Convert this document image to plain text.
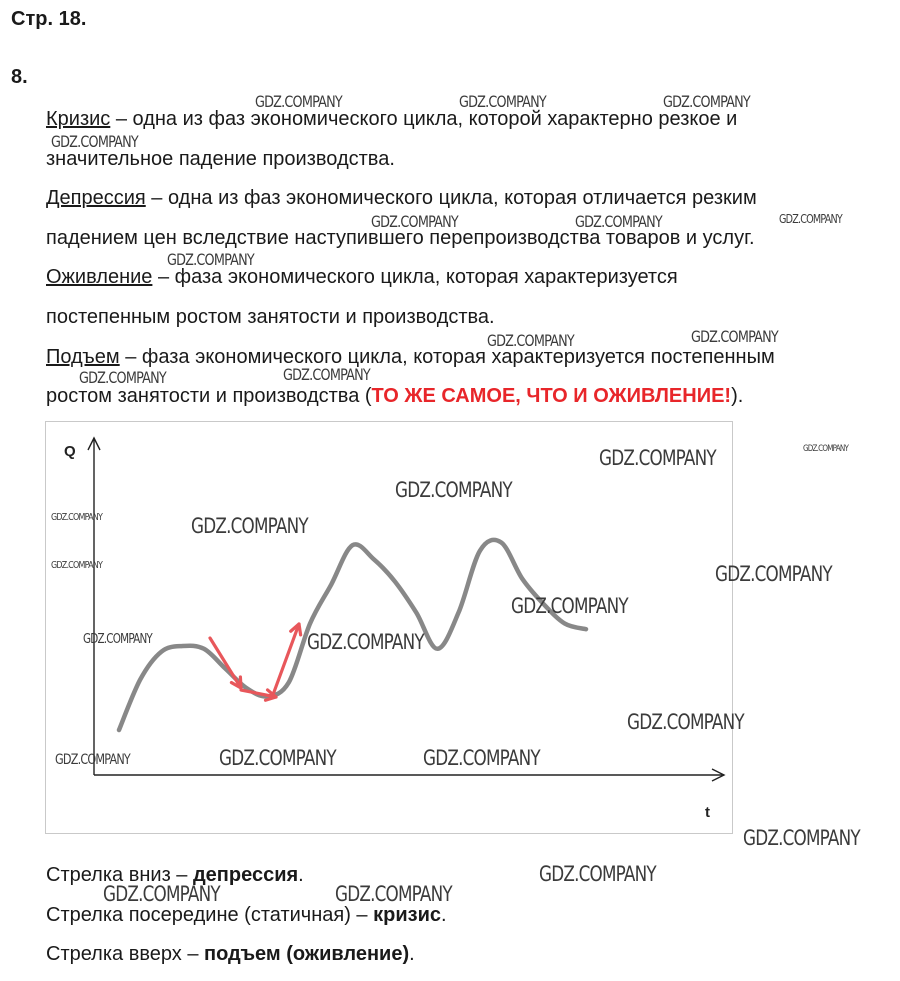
Стр. 18.
8.
Кризис – одна из фаз экономического цикла, которой характерно резкое и
значительное падение производства.
Депрессия – одна из фаз экономического цикла, которая отличается резким
падением цен вследствие наступившего перепроизводства товаров и услуг.
Оживление – фаза экономического цикла, которая характеризуется
постепенным ростом занятости и производства.
Подъем – фаза экономического цикла, которая характеризуется постепенным
ростом занятости и производства (ТО ЖЕ САМОЕ, ЧТО И ОЖИВЛЕНИЕ!).
Q
t
Стрелка вниз – депрессия.
Стрелка посередине (статичная) – кризис.
Стрелка вверх – подъем (оживление).
GDZ.COMPANY	GDZ.COMPANY	GDZ.COMPANY
GDZ.COMPANY
GDZ.COMPANY	GDZ.COMPANY	GDZ.COMPANY
GDZ.COMPANY
GDZ.COMPANY	GDZ.COMPANY
GDZ.COMPANY	GDZ.COMPANY
GDZ.COMPANY
GDZ.COMPANY
GDZ.COMPANY
GDZ.COMPANY
GDZ.COMPANY
GDZ.COMPANY	GDZ.COMPANY
GDZ.COMPANY
GDZ.COMPANY	GDZ.COMPANY
GDZ.COMPANY
GDZ.COMPANY	GDZ.COMPANY	GDZ.COMPANY
GDZ.COMPANY
GDZ.COMPANY
GDZ.COMPANY	GDZ.COMPANY
